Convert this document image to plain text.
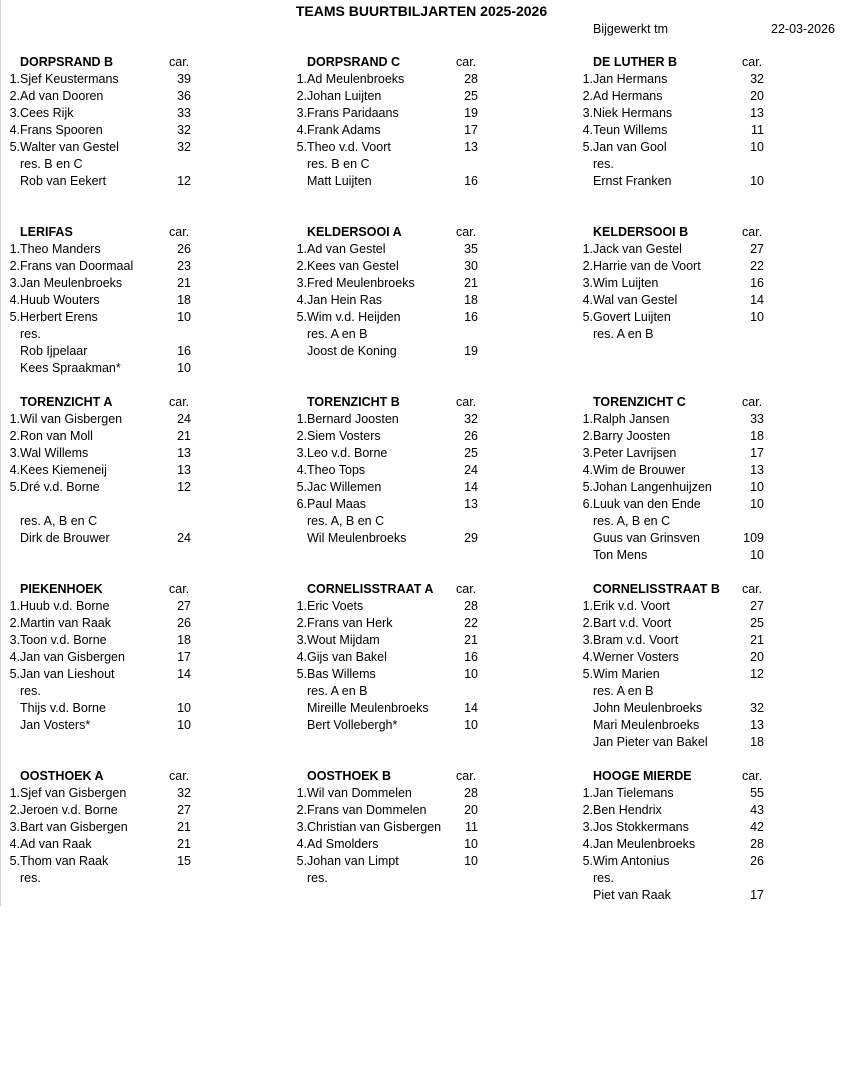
TEAMS BUURTBILJARTEN 2025-2026
Bijgewerkt tm	22-03-2026
DORPSRAND B	car.
1. Sjef Keustermans	39
2. Ad van Dooren	36
3. Cees Rijk	33
4. Frans Spooren	32
5. Walter van Gestel	32
res. B en C
Rob van Eekert	12
DORPSRAND C	car.
1. Ad Meulenbroeks	28
2. Johan Luijten	25
3. Frans Paridaans	19
4. Frank Adams	17
5. Theo v.d. Voort	13
res. B en C
Matt Luijten	16
DE LUTHER B	car.
1. Jan Hermans	32
2. Ad Hermans	20
3. Niek Hermans	13
4. Teun Willems	11
5. Jan van Gool	10
res.
Ernst Franken	10
LERIFAS	car.
1. Theo Manders	26
2. Frans van Doormaal	23
3. Jan Meulenbroeks	21
4. Huub Wouters	18
5. Herbert Erens	10
res.
Rob Ijpelaar	16
Kees Spraakman*	10
KELDERSOOI A	car.
1. Ad van Gestel	35
2. Kees van Gestel	30
3. Fred Meulenbroeks	21
4. Jan Hein Ras	18
5. Wim v.d. Heijden	16
res. A en B
Joost de Koning	19
KELDERSOOI B	car.
1. Jack van Gestel	27
2. Harrie van de Voort	22
3. Wim Luijten	16
4. Wal van Gestel	14
5. Govert Luijten	10
res. A en B
TORENZICHT A	car.
1. Wil van Gisbergen	24
2. Ron van Moll	21
3. Wal Willems	13
4. Kees Kiemeneij	13
5. Dré v.d. Borne	12
res. A, B en C
Dirk de Brouwer	24
TORENZICHT B	car.
1. Bernard Joosten	32
2. Siem Vosters	26
3. Leo v.d. Borne	25
4. Theo Tops	24
5. Jac Willemen	14
6. Paul Maas	13
res. A, B en C
Wil Meulenbroeks	29
TORENZICHT C	car.
1. Ralph Jansen	33
2. Barry Joosten	18
3. Peter Lavrijsen	17
4. Wim de Brouwer	13
5. Johan Langenhuijzen	10
6. Luuk van den Ende	10
res. A, B en C
Guus van Grinsven	109
Ton Mens	10
PIEKENHOEK	car.
1. Huub v.d. Borne	27
2. Martin van Raak	26
3. Toon v.d. Borne	18
4. Jan van Gisbergen	17
5. Jan van Lieshout	14
res.
Thijs v.d. Borne	10
Jan Vosters*	10
CORNELISSTRAAT A car.
1. Eric Voets	28
2. Frans van Herk	22
3. Wout Mijdam	21
4. Gijs van Bakel	16
5. Bas Willems	10
res. A en B
Mireille Meulenbroeks	14
Bert Vollebergh*	10
CORNELISSTRAAT B car.
1. Erik v.d. Voort	27
2. Bart v.d. Voort	25
3. Bram v.d. Voort	21
4. Werner Vosters	20
5. Wim Marien	12
res. A en B
John Meulenbroeks	32
Mari Meulenbroeks	13
Jan Pieter van Bakel	18
OOSTHOEK A	car.
1. Sjef van Gisbergen	32
2. Jeroen v.d. Borne	27
3. Bart van Gisbergen	21
4. Ad van Raak	21
5. Thom van Raak	15
res.
OOSTHOEK B	car.
1. Wil van Dommelen	28
2. Frans van Dommelen	20
3. Christian van Gisbergen	11
4. Ad Smolders	10
5. Johan van Limpt	10
res.
HOOGE MIERDE	car.
1. Jan Tielemans	55
2. Ben Hendrix	43
3. Jos Stokkermans	42
4. Jan Meulenbroeks	28
5. Wim Antonius	26
res.
Piet van Raak	17
